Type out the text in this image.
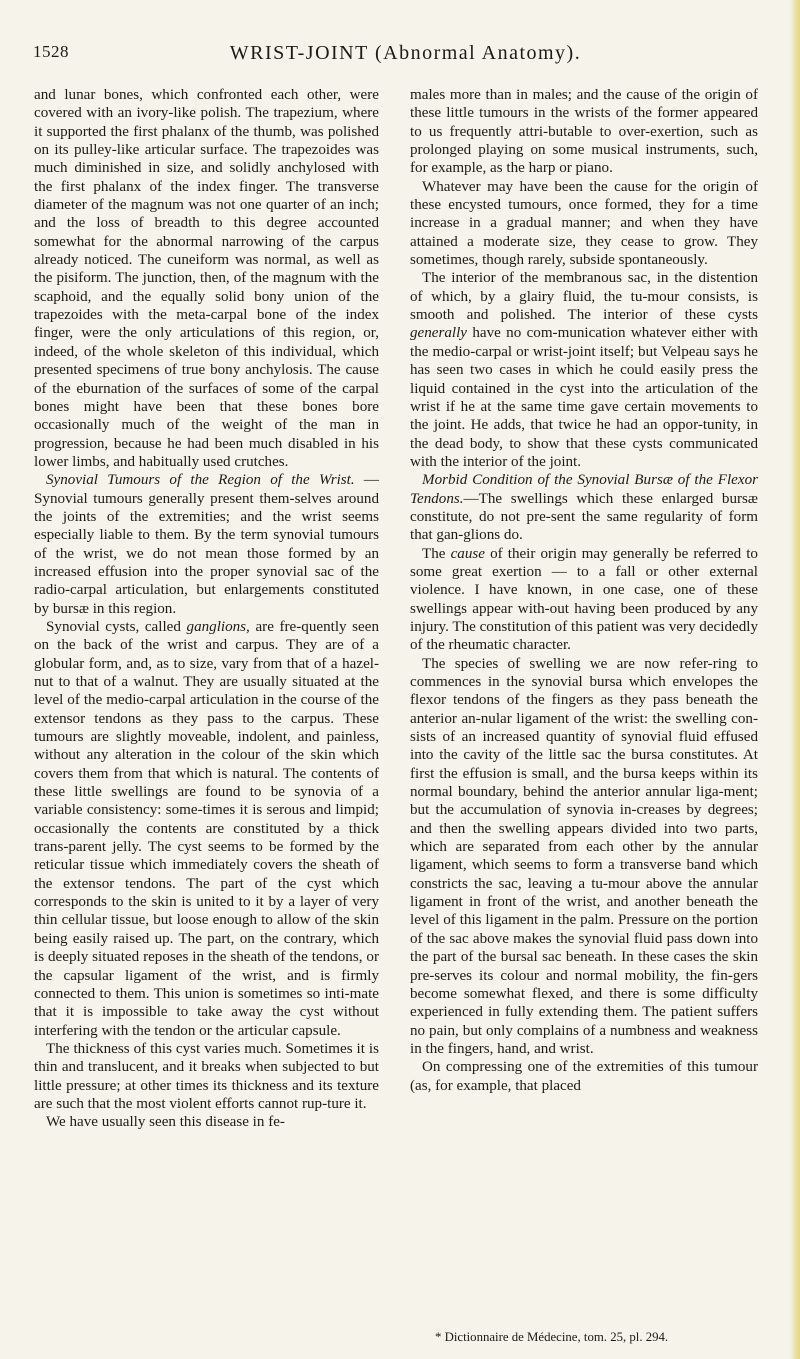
1528	WRIST-JOINT (Abnormal Anatomy).

and lunar bones, which confronted each other, were covered with an ivory-like polish. The trapezium, where it supported the first phalanx of the thumb, was polished on its pulley-like articular surface. The trapezoides was much diminished in size, and solidly anchylosed with the first phalanx of the index finger. The transverse diameter of the magnum was not one quarter of an inch; and the loss of breadth to this degree accounted somewhat for the abnormal narrowing of the carpus already noticed. The cuneiform was normal, as well as the pisiform. The junction, then, of the magnum with the scaphoid, and the equally solid bony union of the trapezoides with the meta-carpal bone of the index finger, were the only articulations of this region, or, indeed, of the whole skeleton of this individual, which presented specimens of true bony anchylosis. The cause of the eburnation of the surfaces of some of the carpal bones might have been that these bones bore occasionally much of the weight of the man in progression, because he had been much disabled in his lower limbs, and habitually used crutches.

Synovial Tumours of the Region of the Wrist. — Synovial tumours generally present them-selves around the joints of the extremities; and the wrist seems especially liable to them. By the term synovial tumours of the wrist, we do not mean those formed by an increased effusion into the proper synovial sac of the radio-carpal articulation, but enlargements constituted by bursæ in this region.

Synovial cysts, called ganglions, are fre-quently seen on the back of the wrist and carpus. They are of a globular form, and, as to size, vary from that of a hazel-nut to that of a walnut. They are usually situated at the level of the medio-carpal articulation in the course of the extensor tendons as they pass to the carpus. These tumours are slightly moveable, indolent, and painless, without any alteration in the colour of the skin which covers them from that which is natural. The contents of these little swellings are found to be synovia of a variable consistency: some-times it is serous and limpid; occasionally the contents are constituted by a thick trans-parent jelly. The cyst seems to be formed by the reticular tissue which immediately covers the sheath of the extensor tendons. The part of the cyst which corresponds to the skin is united to it by a layer of very thin cellular tissue, but loose enough to allow of the skin being easily raised up. The part, on the contrary, which is deeply situated reposes in the sheath of the tendons, or the capsular ligament of the wrist, and is firmly connected to them. This union is sometimes so inti-mate that it is impossible to take away the cyst without interfering with the tendon or the articular capsule.

The thickness of this cyst varies much. Sometimes it is thin and translucent, and it breaks when subjected to but little pressure; at other times its thickness and its texture are such that the most violent efforts cannot rup-ture it.

We have usually seen this disease in fe-

males more than in males; and the cause of the origin of these little tumours in the wrists of the former appeared to us frequently attri-butable to over-exertion, such as prolonged playing on some musical instruments, such, for example, as the harp or piano.

Whatever may have been the cause for the origin of these encysted tumours, once formed, they for a time increase in a gradual manner; and when they have attained a moderate size, they cease to grow. They sometimes, though rarely, subside spontaneously.

The interior of the membranous sac, in the distention of which, by a glairy fluid, the tu-mour consists, is smooth and polished. The interior of these cysts generally have no com-munication whatever either with the medio-carpal or wrist-joint itself; but Velpeau says he has seen two cases in which he could easily press the liquid contained in the cyst into the articulation of the wrist if he at the same time gave certain movements to the joint. He adds, that twice he had an oppor-tunity, in the dead body, to show that these cysts communicated with the interior of the joint.

Morbid Condition of the Synovial Bursæ of the Flexor Tendons.—The swellings which these enlarged bursæ constitute, do not pre-sent the same regularity of form that gan-glions do.

The cause of their origin may generally be referred to some great exertion — to a fall or other external violence. I have known, in one case, one of these swellings appear with-out having been produced by any injury. The constitution of this patient was very decidedly of the rheumatic character.

The species of swelling we are now refer-ring to commences in the synovial bursa which envelopes the flexor tendons of the fingers as they pass beneath the anterior an-nular ligament of the wrist: the swelling con-sists of an increased quantity of synovial fluid effused into the cavity of the little sac the bursa constitutes. At first the effusion is small, and the bursa keeps within its normal boundary, behind the anterior annular liga-ment; but the accumulation of synovia in-creases by degrees; and then the swelling appears divided into two parts, which are separated from each other by the annular ligament, which seems to form a transverse band which constricts the sac, leaving a tu-mour above the annular ligament in front of the wrist, and another beneath the level of this ligament in the palm. Pressure on the portion of the sac above makes the synovial fluid pass down into the part of the bursal sac beneath. In these cases the skin pre-serves its colour and normal mobility, the fin-gers become somewhat flexed, and there is some difficulty experienced in fully extending them. The patient suffers no pain, but only complains of a numbness and weakness in the fingers, hand, and wrist.

On compressing one of the extremities of this tumour (as, for example, that placed

* Dictionnaire de Médecine, tom. 25, pl. 294.
